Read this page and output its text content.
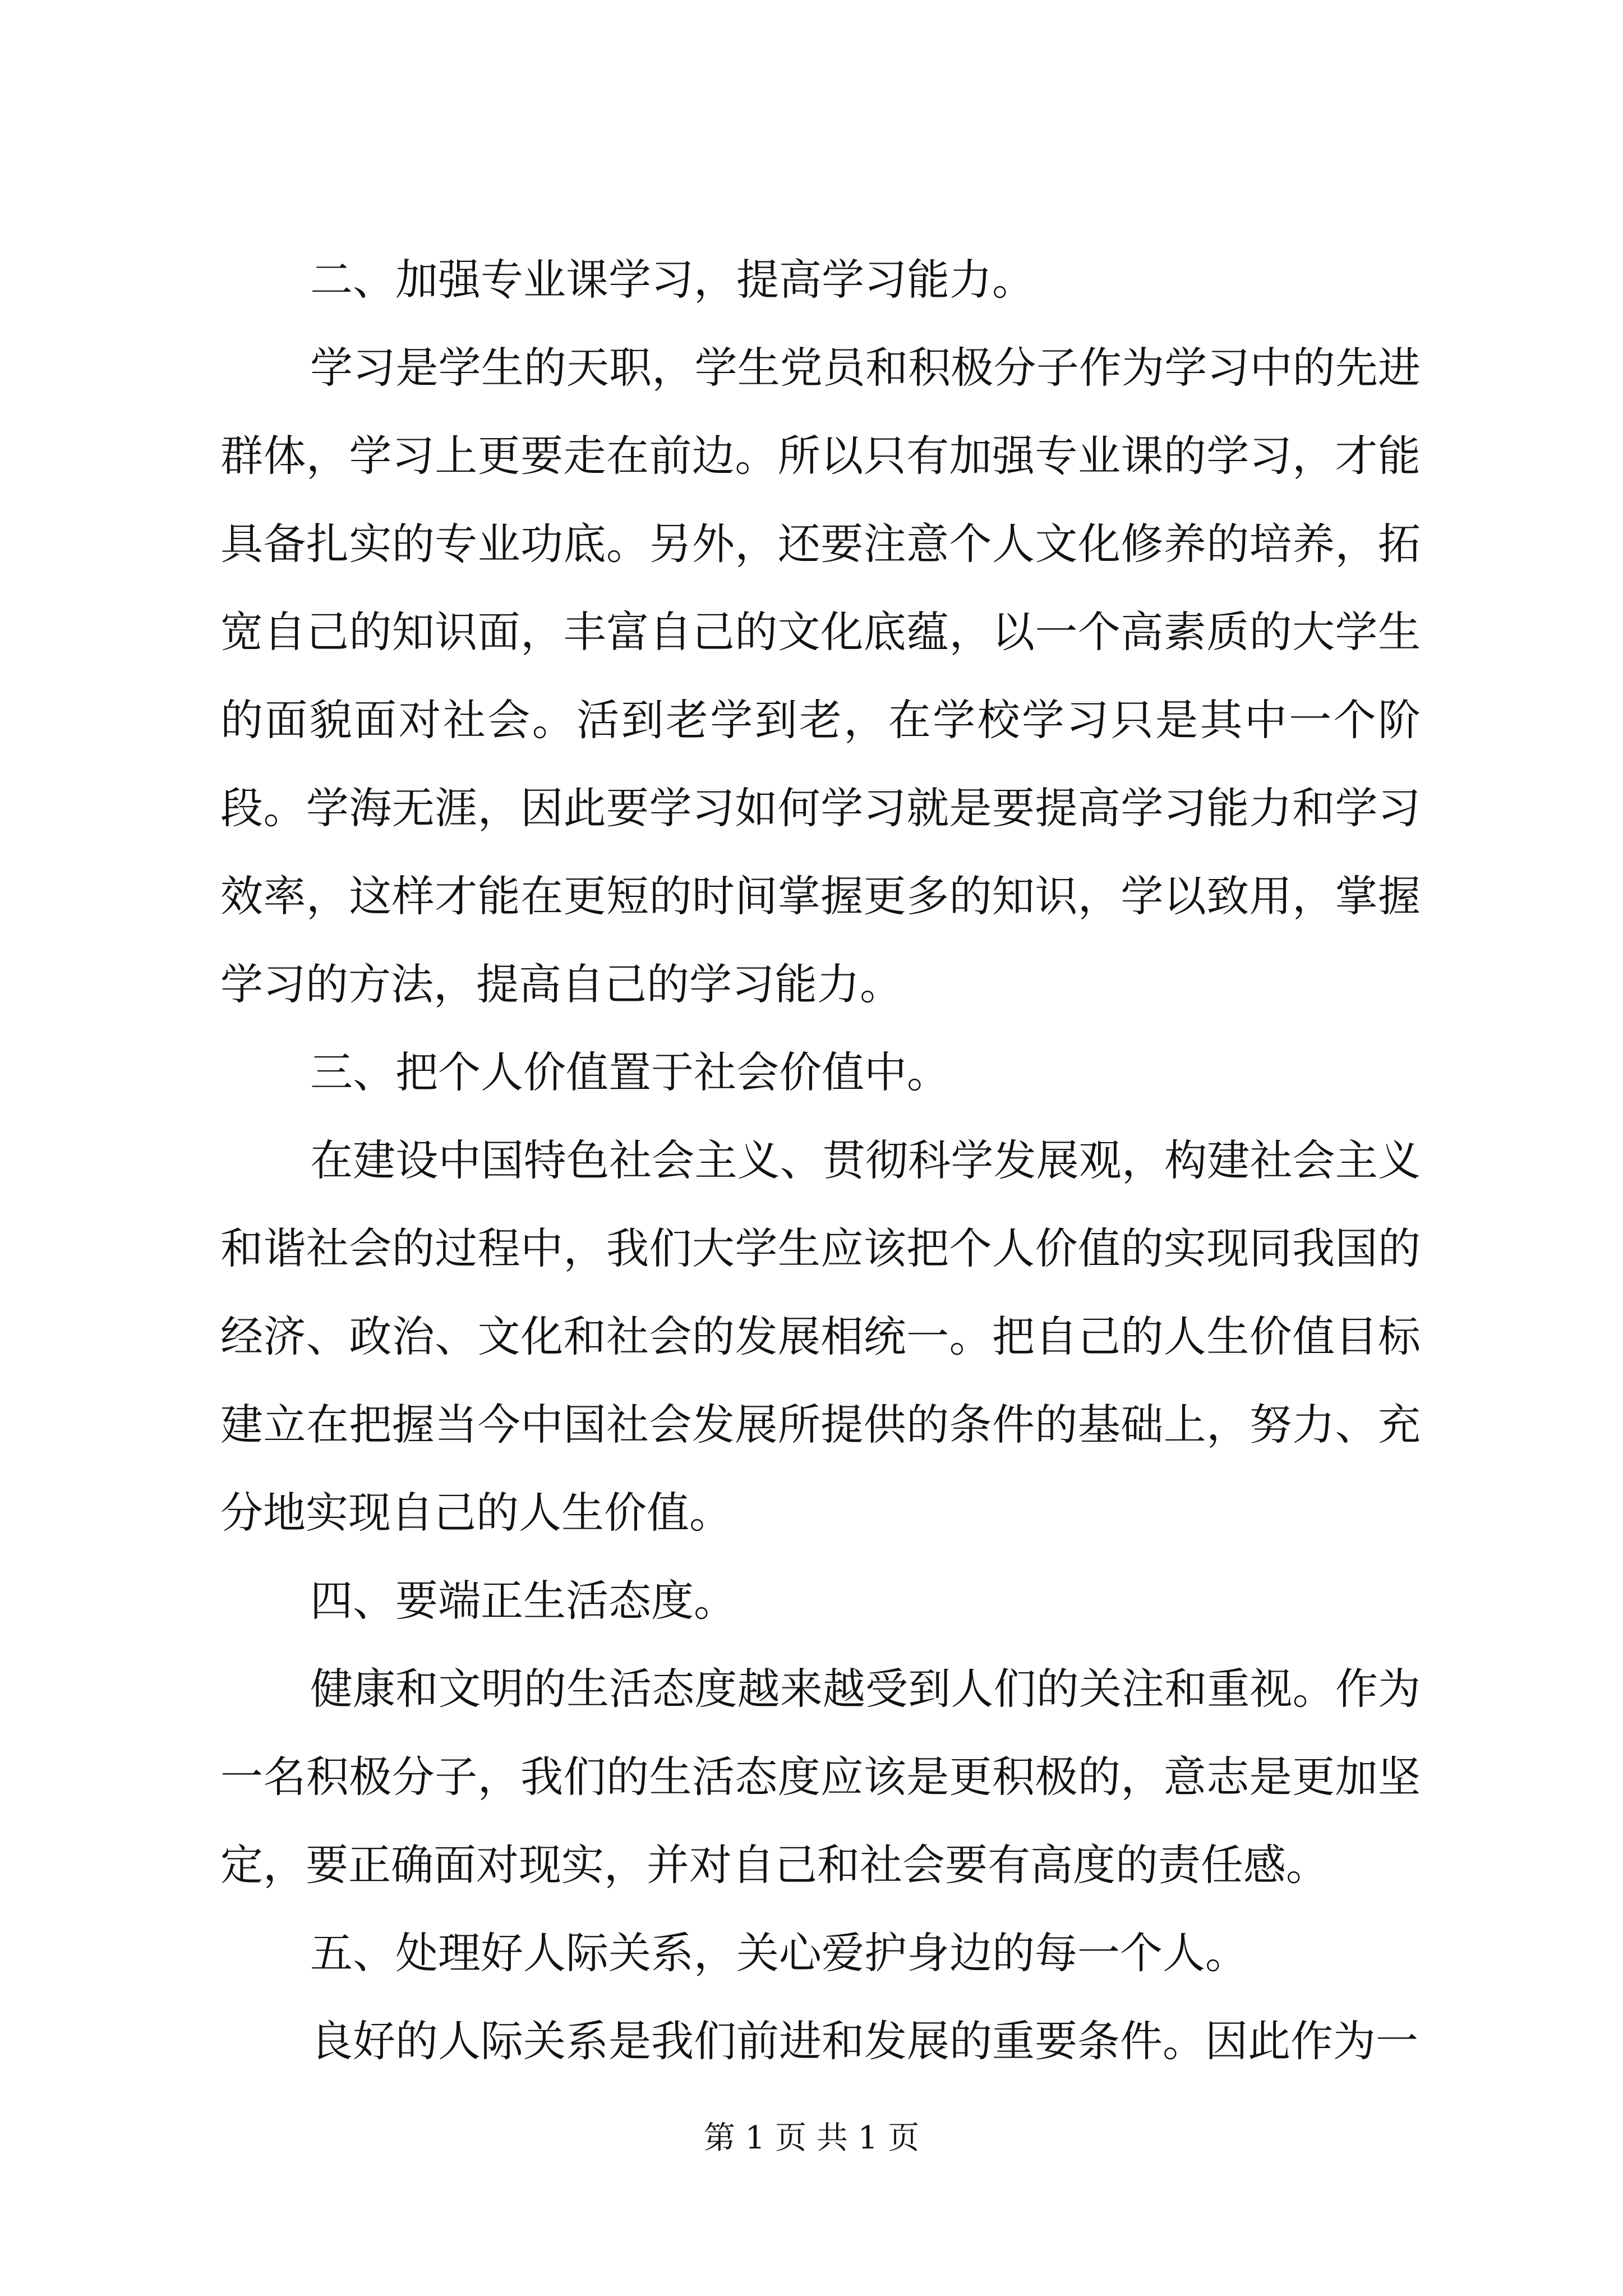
二、加强专业课学习，提高学习能力。

学习是学生的天职，学生党员和积极分子作为学习中的先进群体，学习上更要走在前边。所以只有加强专业课的学习，才能具备扎实的专业功底。另外，还要注意个人文化修养的培养，拓宽自己的知识面，丰富自己的文化底蕴，以一个高素质的大学生的面貌面对社会。活到老学到老，在学校学习只是其中一个阶段。学海无涯，因此要学习如何学习就是要提高学习能力和学习效率，这样才能在更短的时间掌握更多的知识，学以致用，掌握学习的方法，提高自己的学习能力。

三、把个人价值置于社会价值中。

在建设中国特色社会主义、贯彻科学发展观，构建社会主义和谐社会的过程中，我们大学生应该把个人价值的实现同我国的经济、政治、文化和社会的发展相统一。把自己的人生价值目标建立在把握当今中国社会发展所提供的条件的基础上，努力、充分地实现自己的人生价值。

四、要端正生活态度。

健康和文明的生活态度越来越受到人们的关注和重视。作为一名积极分子，我们的生活态度应该是更积极的，意志是更加坚定，要正确面对现实，并对自己和社会要有高度的责任感。

五、处理好人际关系，关心爱护身边的每一个人。

良好的人际关系是我们前进和发展的重要条件。因此作为一

第 1 页 共 1 页
